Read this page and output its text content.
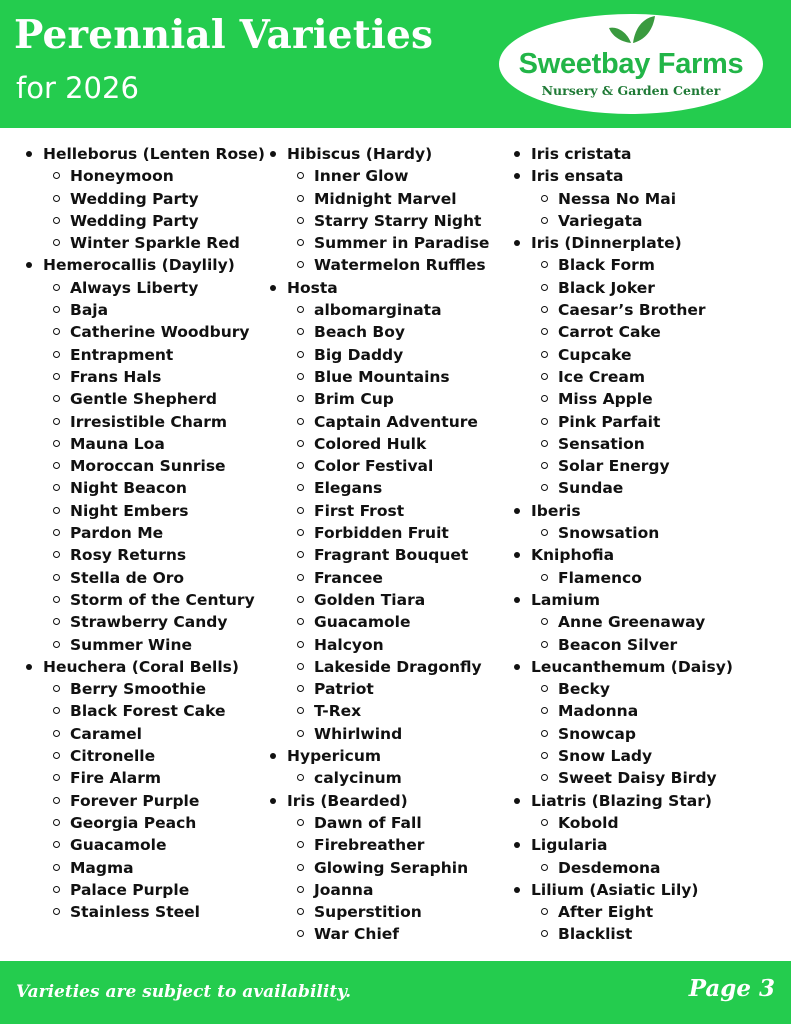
Perennial Varieties
for 2026
Sweetbay Farms
Nursery & Garden Center
Helleborus (Lenten Rose)
Honeymoon
Wedding Party
Wedding Party
Winter Sparkle Red
Hemerocallis (Daylily)
Always Liberty
Baja
Catherine Woodbury
Entrapment
Frans Hals
Gentle Shepherd
Irresistible Charm
Mauna Loa
Moroccan Sunrise
Night Beacon
Night Embers
Pardon Me
Rosy Returns
Stella de Oro
Storm of the Century
Strawberry Candy
Summer Wine
Heuchera (Coral Bells)
Berry Smoothie
Black Forest Cake
Caramel
Citronelle
Fire Alarm
Forever Purple
Georgia Peach
Guacamole
Magma
Palace Purple
Stainless Steel
Hibiscus (Hardy)
Inner Glow
Midnight Marvel
Starry Starry Night
Summer in Paradise
Watermelon Ruffles
Hosta
albomarginata
Beach Boy
Big Daddy
Blue Mountains
Brim Cup
Captain Adventure
Colored Hulk
Color Festival
Elegans
First Frost
Forbidden Fruit
Fragrant Bouquet
Francee
Golden Tiara
Guacamole
Halcyon
Lakeside Dragonfly
Patriot
T-Rex
Whirlwind
Hypericum
calycinum
Iris (Bearded)
Dawn of Fall
Firebreather
Glowing Seraphin
Joanna
Superstition
War Chief
Iris cristata
Iris ensata
Nessa No Mai
Variegata
Iris (Dinnerplate)
Black Form
Black Joker
Caesar’s Brother
Carrot Cake
Cupcake
Ice Cream
Miss Apple
Pink Parfait
Sensation
Solar Energy
Sundae
Iberis
Snowsation
Kniphofia
Flamenco
Lamium
Anne Greenaway
Beacon Silver
Leucanthemum (Daisy)
Becky
Madonna
Snowcap
Snow Lady
Sweet Daisy Birdy
Liatris (Blazing Star)
Kobold
Ligularia
Desdemona
Lilium (Asiatic Lily)
After Eight
Blacklist
Varieties are subject to availability.	Page 3
